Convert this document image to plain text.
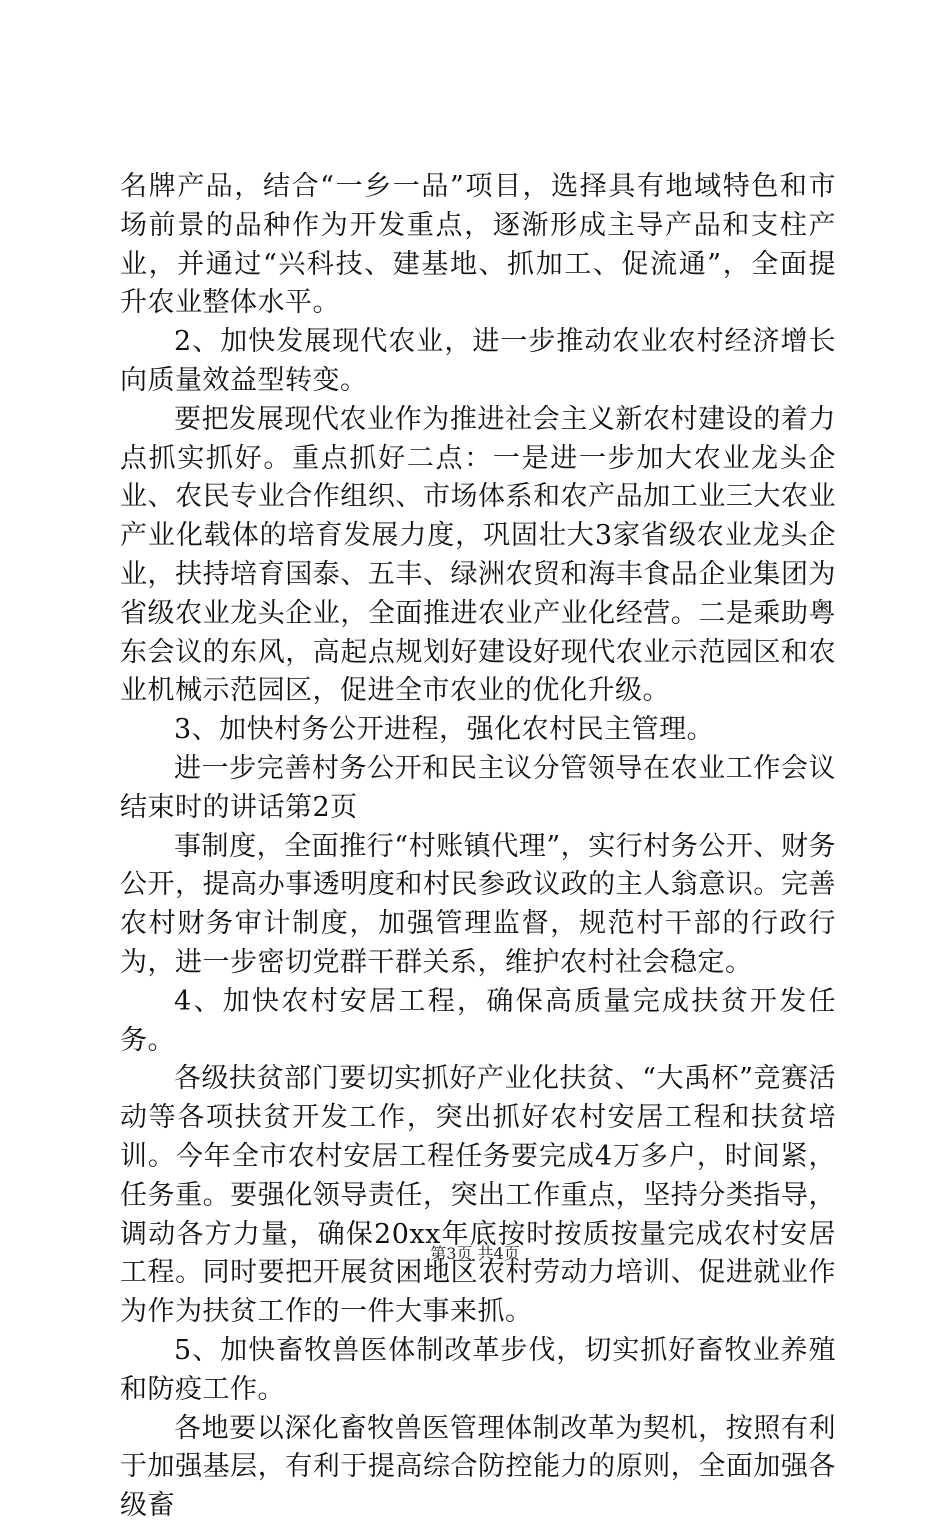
名牌产品，结合“一乡一品”项目，选择具有地域特色和市场前景的品种作为开发重点，逐渐形成主导产品和支柱产业，并通过“兴科技、建基地、抓加工、促流通”，全面提升农业整体水平。

2、加快发展现代农业，进一步推动农业农村经济增长向质量效益型转变。

要把发展现代农业作为推进社会主义新农村建设的着力点抓实抓好。重点抓好二点：一是进一步加大农业龙头企业、农民专业合作组织、市场体系和农产品加工业三大农业产业化载体的培育发展力度，巩固壮大3家省级农业龙头企业，扶持培育国泰、五丰、绿洲农贸和海丰食品企业集团为省级农业龙头企业，全面推进农业产业化经营。二是乘助粤东会议的东风，高起点规划好建设好现代农业示范园区和农业机械示范园区，促进全市农业的优化升级。

3、加快村务公开进程，强化农村民主管理。

进一步完善村务公开和民主议分管领导在农业工作会议结束时的讲话第2页

事制度，全面推行“村账镇代理”，实行村务公开、财务公开，提高办事透明度和村民参政议政的主人翁意识。完善农村财务审计制度，加强管理监督，规范村干部的行政行为，进一步密切党群干群关系，维护农村社会稳定。

4、加快农村安居工程，确保高质量完成扶贫开发任务。

各级扶贫部门要切实抓好产业化扶贫、“大禹杯”竞赛活动等各项扶贫开发工作，突出抓好农村安居工程和扶贫培训。今年全市农村安居工程任务要完成4万多户，时间紧，任务重。要强化领导责任，突出工作重点，坚持分类指导，调动各方力量，确保20xx年底按时按质按量完成农村安居工程。同时要把开展贫困地区农村劳动力培训、促进就业作为作为扶贫工作的一件大事来抓。

5、加快畜牧兽医体制改革步伐，切实抓好畜牧业养殖和防疫工作。

各地要以深化畜牧兽医管理体制改革为契机，按照有利于加强基层，有利于提高综合防控能力的原则，全面加强各级畜

第3页 共4页
